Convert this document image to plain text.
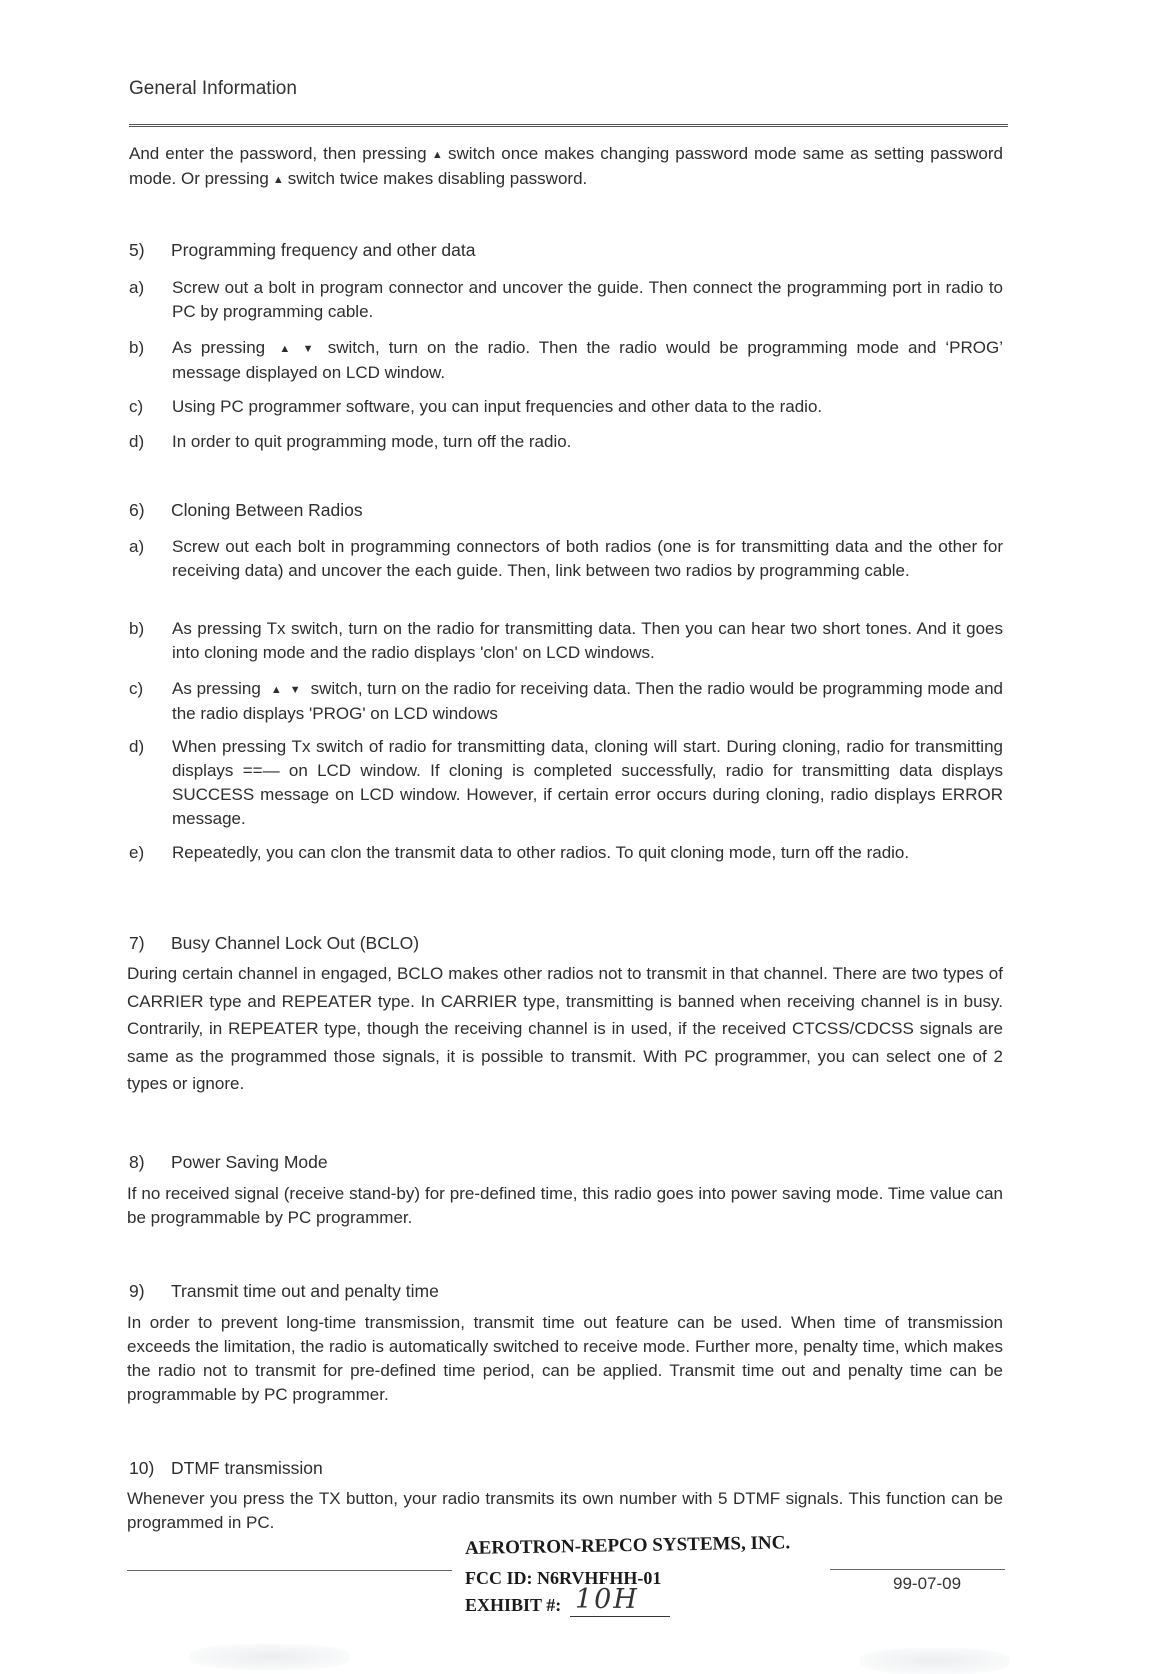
General Information
And enter the password, then pressing ▲ switch once makes changing password mode same as setting password mode. Or pressing ▲ switch twice makes disabling password.
5) Programming frequency and other data
a)	Screw out a bolt in program connector and uncover the guide. Then connect the programming port in radio to PC by programming cable.
b)	As pressing ▲ ▼ switch, turn on the radio. Then the radio would be programming mode and ‘PROG’ message displayed on LCD window.
c)	Using PC programmer software, you can input frequencies and other data to the radio.
d)	In order to quit programming mode, turn off the radio.
6) Cloning Between Radios
a)	Screw out each bolt in programming connectors of both radios (one is for transmitting data and the other for receiving data) and uncover the each guide. Then, link between two radios by programming cable.
b)	As pressing Tx switch, turn on the radio for transmitting data. Then you can hear two short tones. And it goes into cloning mode and the radio displays 'clon' on LCD windows.
c)	As pressing ▲ ▼ switch, turn on the radio for receiving data. Then the radio would be programming mode and the radio displays 'PROG' on LCD windows
d)	When pressing Tx switch of radio for transmitting data, cloning will start. During cloning, radio for transmitting displays ==— on LCD window. If cloning is completed successfully, radio for transmitting data displays SUCCESS message on LCD window. However, if certain error occurs during cloning, radio displays ERROR message.
e)	Repeatedly, you can clon the transmit data to other radios. To quit cloning mode, turn off the radio.
7) Busy Channel Lock Out (BCLO)
During certain channel in engaged, BCLO makes other radios not to transmit in that channel. There are two types of CARRIER type and REPEATER type. In CARRIER type, transmitting is banned when receiving channel is in busy. Contrarily, in REPEATER type, though the receiving channel is in used, if the received CTCSS/CDCSS signals are same as the programmed those signals, it is possible to transmit. With PC programmer, you can select one of 2 types or ignore.
8) Power Saving Mode
If no received signal (receive stand-by) for pre-defined time, this radio goes into power saving mode. Time value can be programmable by PC programmer.
9) Transmit time out and penalty time
In order to prevent long-time transmission, transmit time out feature can be used. When time of transmission exceeds the limitation, the radio is automatically switched to receive mode. Further more, penalty time, which makes the radio not to transmit for pre-defined time period, can be applied. Transmit time out and penalty time can be programmable by PC programmer.
10) DTMF transmission
Whenever you press the TX button, your radio transmits its own number with 5 DTMF signals. This function can be programmed in PC.
AEROTRON-REPCO SYSTEMS, INC.
FCC ID: N6RVHFHH-01
EXHIBIT #: 10H
99-07-09
